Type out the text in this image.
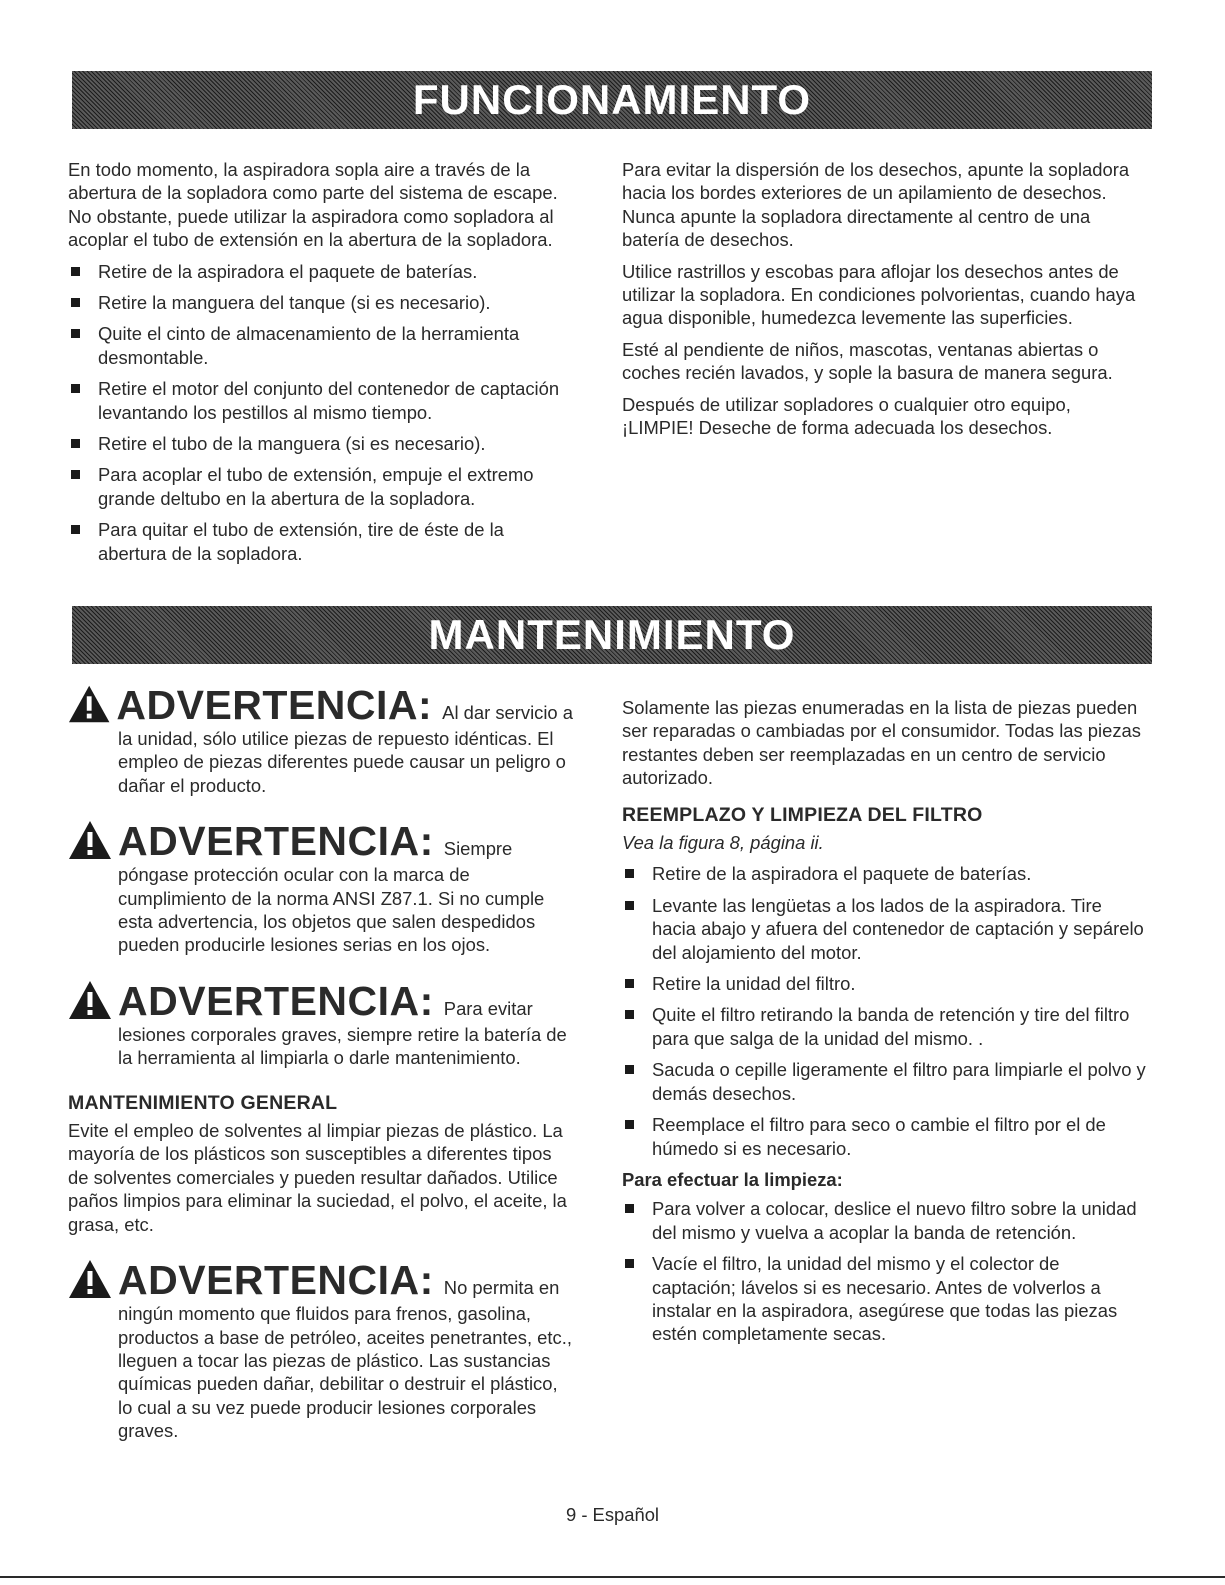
FUNCIONAMIENTO

En todo momento, la aspiradora sopla aire a través de la abertura de la sopladora como parte del sistema de escape. No obstante, puede utilizar la aspiradora como sopladora al acoplar el tubo de extensión en la abertura de la sopladora.

Retire de la aspiradora el paquete de baterías.
Retire la manguera del tanque (si es necesario).
Quite el cinto de almacenamiento de la herramienta desmontable.
Retire el motor del conjunto del contenedor de captación levantando los pestillos al mismo tiempo.
Retire el tubo de la manguera (si es necesario).
Para acoplar el tubo de extensión, empuje el extremo grande deltubo en la abertura de la sopladora.
Para quitar el tubo de extensión, tire de éste de la abertura de la sopladora.

Para evitar la dispersión de los desechos, apunte la sopladora hacia los bordes exteriores de un apilamiento de desechos. Nunca apunte la sopladora directamente al centro de una batería de desechos.

Utilice rastrillos y escobas para aflojar los desechos antes de utilizar la sopladora. En condiciones polvorientas, cuando haya agua disponible, humedezca levemente las superficies.

Esté al pendiente de niños, mascotas, ventanas abiertas o coches recién lavados, y sople la basura de manera segura.

Después de utilizar sopladores o cualquier otro equipo, ¡LIMPIE! Deseche de forma adecuada los desechos.

MANTENIMIENTO
ADVERTENCIA: Al dar servicio a
la unidad, sólo utilice piezas de repuesto idénticas. El empleo de piezas diferentes puede causar un peligro o dañar el producto.
ADVERTENCIA: Siempre
póngase protección ocular con la marca de cumplimiento de la norma ANSI Z87.1. Si no cumple esta advertencia, los objetos que salen despedidos pueden producirle lesiones serias en los ojos.
ADVERTENCIA: Para evitar
lesiones corporales graves, siempre retire la batería de la herramienta al limpiarla o darle mantenimiento.
MANTENIMIENTO GENERAL

Evite el empleo de solventes al limpiar piezas de plástico. La mayoría de los plásticos son susceptibles a diferentes tipos de solventes comerciales y pueden resultar dañados. Utilice paños limpios para eliminar la suciedad, el polvo, el aceite, la grasa, etc.

ADVERTENCIA: No permita en
ningún momento que fluidos para frenos, gasolina, productos a base de petróleo, aceites penetrantes, etc., lleguen a tocar las piezas de plástico. Las sustancias químicas pueden dañar, debilitar o destruir el plástico, lo cual a su vez puede producir lesiones corporales graves.

Solamente las piezas enumeradas en la lista de piezas pueden ser reparadas o cambiadas por el consumidor. Todas las piezas restantes deben ser reemplazadas en un centro de servicio autorizado.

REEMPLAZO Y LIMPIEZA DEL FILTRO

Vea la figura 8, página ii.

Retire de la aspiradora el paquete de baterías.
Levante las lengüetas a los lados de la aspiradora. Tire hacia abajo y afuera del contenedor de captación y sepárelo del alojamiento del motor.
Retire la unidad del filtro.
Quite el filtro retirando la banda de retención y tire del filtro para que salga de la unidad del mismo. .
Sacuda o cepille ligeramente el filtro para limpiarle el polvo y demás desechos.
Reemplace el filtro para seco o cambie el filtro por el de húmedo si es necesario.
Para efectuar la limpieza:
Para volver a colocar, deslice el nuevo filtro sobre la unidad del mismo y vuelva a acoplar la banda de retención.
Vacíe el filtro, la unidad del mismo y el colector de captación; lávelos si es necesario. Antes de volverlos a instalar en la aspiradora, asegúrese que todas las piezas estén completamente secas.
9 - Español
